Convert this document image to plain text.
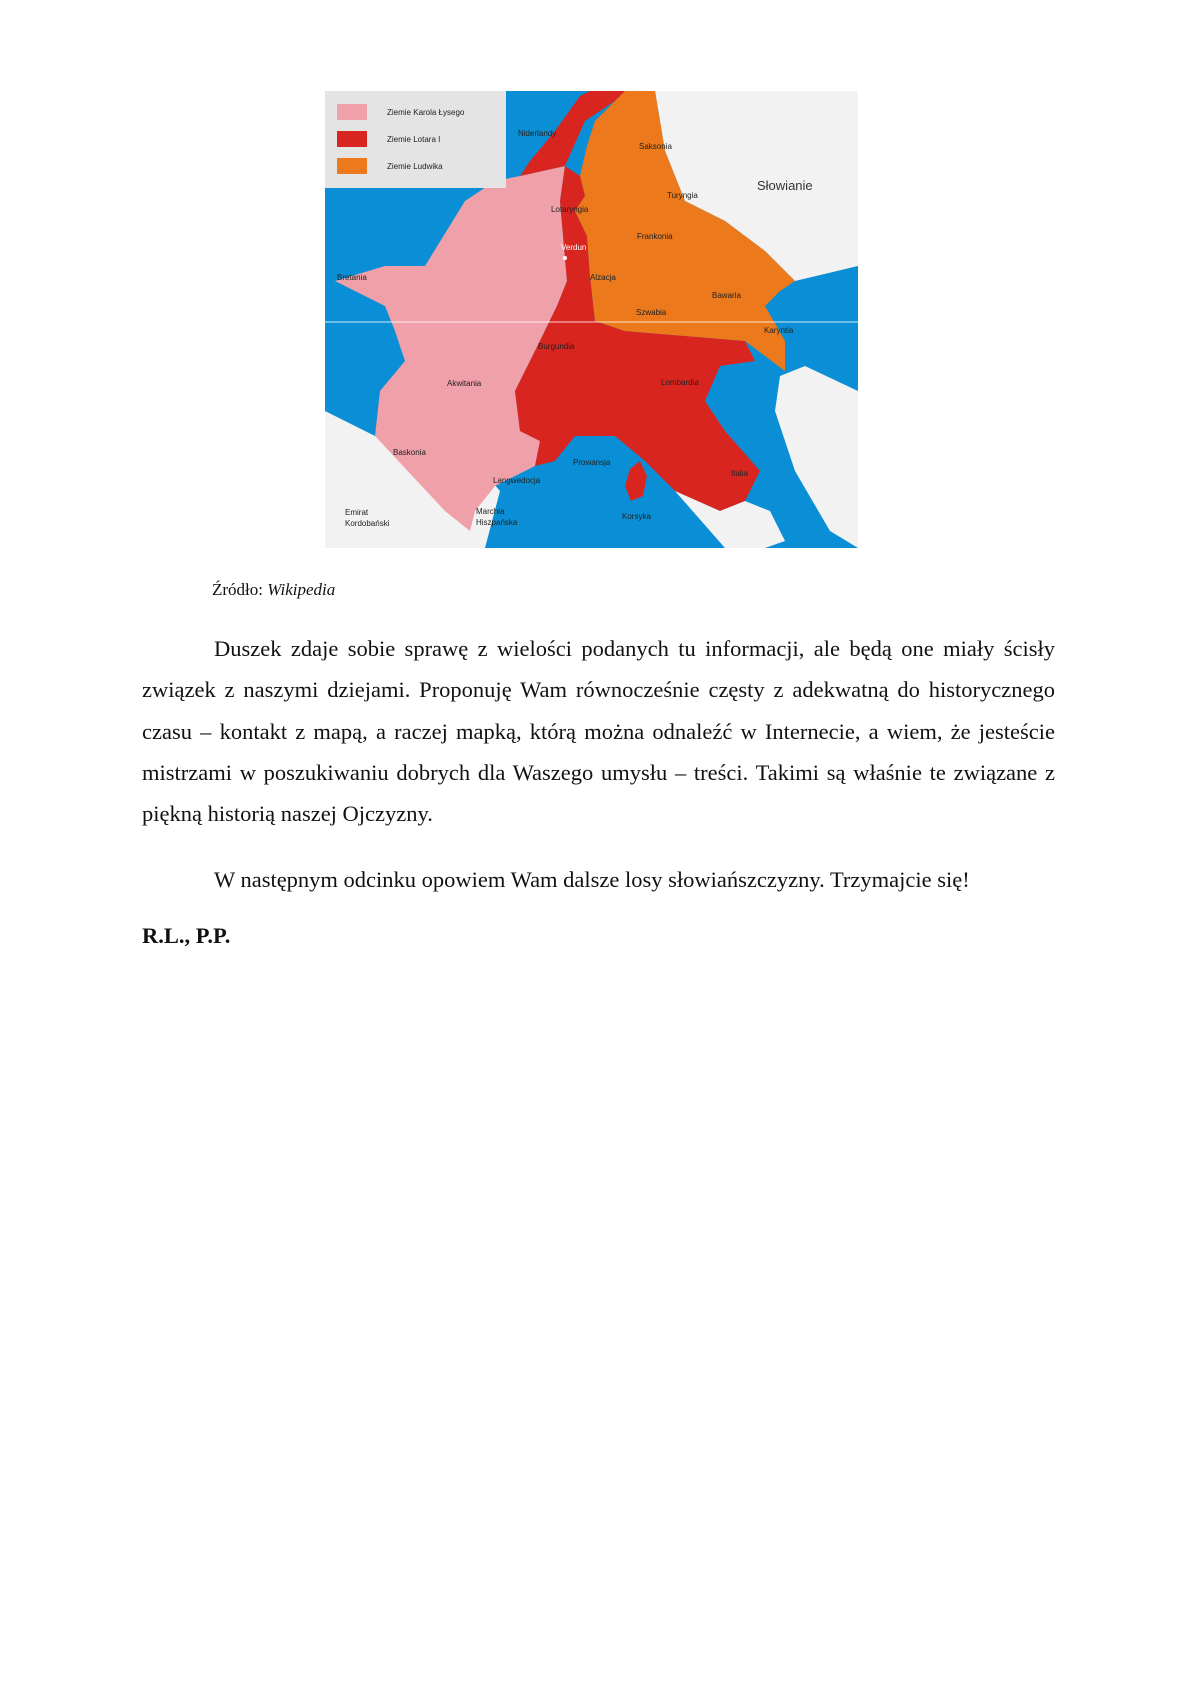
Ziemie Karola Łysego
Ziemie Lotara I
Ziemie Ludwika
Niderlandy
Saksonia
Słowianie
Turyngia
Lotaryngia
Frankonia
Verdun
Bretania	Alzacja
Bawaria
Szwabia
Karyntia
Burgundia
Akwitania	Lombardia
Baskonia
Prowansja
Langwedocja
Italia
Emirat
Kordobański
Marchia
Hiszpańska
Korsyka
Źródło: Wikipedia

Duszek zdaje sobie sprawę z wielości podanych tu informacji, ale będą one miały ścisły związek z naszymi dziejami. Proponuję Wam równocześnie częsty z adekwatną do historycznego czasu – kontakt z mapą, a raczej mapką, którą można odnaleźć w Internecie, a wiem, że jesteście mistrzami w poszukiwaniu dobrych dla Waszego umysłu – treści. Takimi są właśnie te związane z piękną historią naszej Ojczyzny.

W następnym odcinku opowiem Wam dalsze losy słowiańszczyzny. Trzymajcie się!

R.L., P.P.
